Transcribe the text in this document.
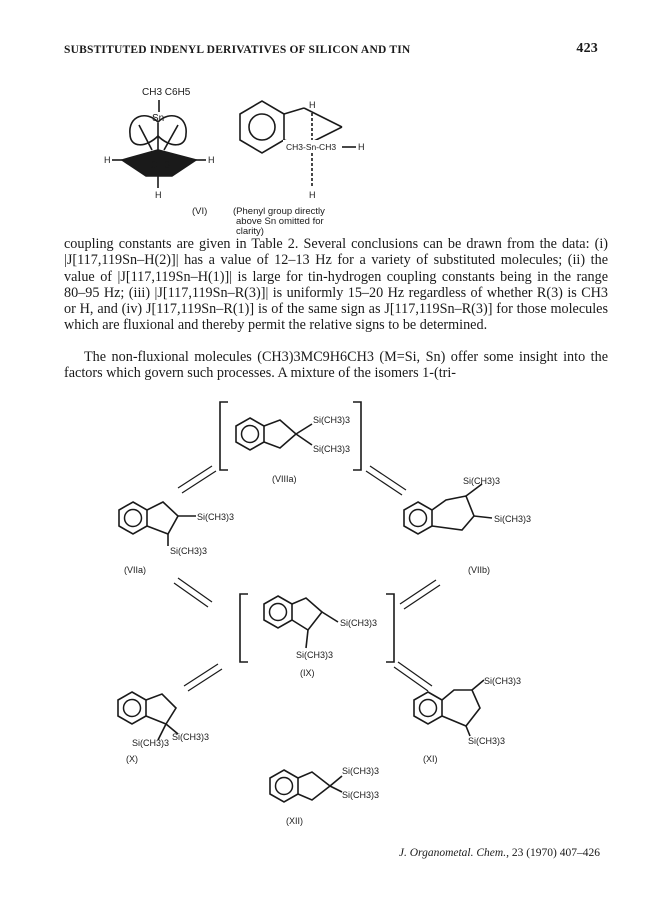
SUBSTITUTED INDENYL DERIVATIVES OF SILICON AND TIN	423
CH3 C6H5
Sn
CH3
H	H
H
CH3-Sn-CH3 H
H
H
(VI)	(Phenyl group directly
above Sn omitted for
clarity)

coupling constants are given in Table 2. Several conclusions can be drawn from the data: (i) |J[117,119Sn–H(2)]| has a value of 12–13 Hz for a variety of substituted molecules; (ii) the value of |J[117,119Sn–H(1)]| is large for tin-hydrogen coupling constants being in the range 80–95 Hz; (iii) |J[117,119Sn–R(3)]| is uniformly 15–20 Hz regardless of whether R(3) is CH3 or H, and (iv) J[117,119Sn–R(1)] is of the same sign as J[117,119Sn–R(3)] for those molecules which are fluxional and thereby permit the relative signs to be determined.

The non-fluxional molecules (CH3)3MC9H6CH3 (M=Si, Sn) offer some insight into the factors which govern such processes. A mixture of the isomers 1-(tri-

Si(CH3)3
Si(CH3)3
(VIIIa)
Si(CH3)3
Si(CH3)3
(VIIa)
Si(CH3)3
Si(CH3)3
(VIIb)
Si(CH3)3
Si(CH3)3
(IX)
Si(CH3)3
Si(CH3)3
(X)
Si(CH3)3
Si(CH3)3
(XI)
Si(CH3)3
Si(CH3)3
(XII)
J. Organometal. Chem., 23 (1970) 407–426
